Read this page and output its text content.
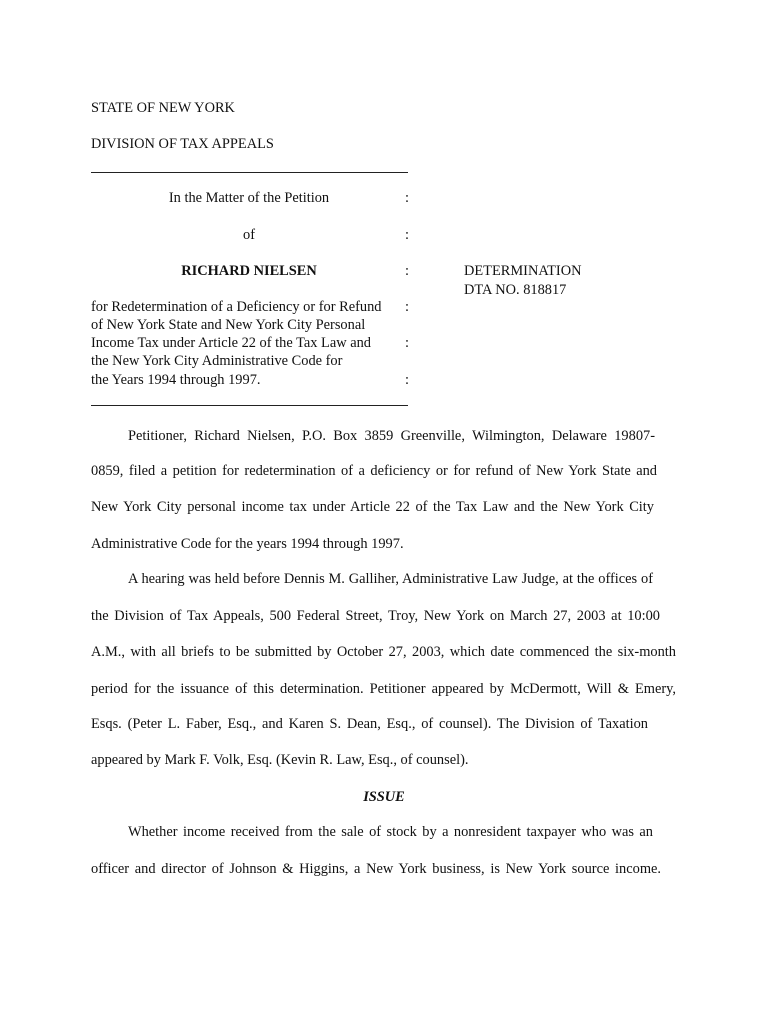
STATE OF NEW YORK
DIVISION OF TAX APPEALS
In the Matter of the Petition	:
of	:
RICHARD NIELSEN	:	DETERMINATION
DTA NO. 818817
for Redetermination of a Deficiency or for Refund :
of New York State and New York City Personal
Income Tax under Article 22 of the Tax Law and :
the New York City Administrative Code for
the Years 1994 through 1997.	:
Petitioner, Richard Nielsen, P.O. Box 3859 Greenville, Wilmington, Delaware 19807-
0859, filed a petition for redetermination of a deficiency or for refund of New York State and
New York City personal income tax under Article 22 of the Tax Law and the New York City
Administrative Code for the years 1994 through 1997.
A hearing was held before Dennis M. Galliher, Administrative Law Judge, at the offices of
the Division of Tax Appeals, 500 Federal Street, Troy, New York on March 27, 2003 at 10:00
A.M., with all briefs to be submitted by October 27, 2003, which date commenced the six-month
period for the issuance of this determination. Petitioner appeared by McDermott, Will & Emery,
Esqs. (Peter L. Faber, Esq., and Karen S. Dean, Esq., of counsel). The Division of Taxation
appeared by Mark F. Volk, Esq. (Kevin R. Law, Esq., of counsel).
ISSUE
Whether income received from the sale of stock by a nonresident taxpayer who was an
officer and director of Johnson & Higgins, a New York business, is New York source income.
